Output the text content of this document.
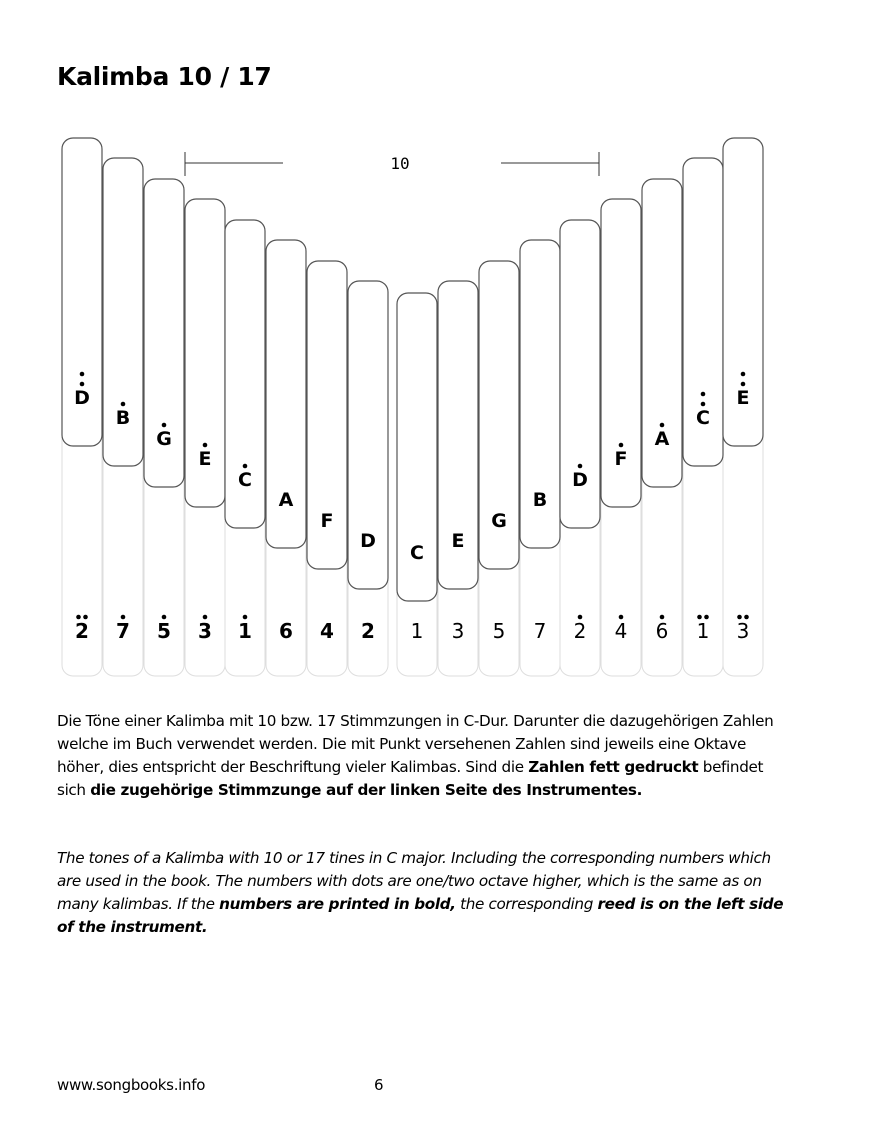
Kalimba 10 / 17
D
B
G
E
C
A
F
D
C
E
G
B
D
F
A
C
E
2 7 5 3 1 6 4 2 1 3 5 7 2 4 6 1 3
10

Die Töne einer Kalimba mit 10 bzw. 17 Stimmzungen in C-Dur. Darunter die dazugehörigen Zahlen welche im Buch verwendet werden. Die mit Punkt versehenen Zahlen sind jeweils eine Oktave höher, dies entspricht der Beschriftung vieler Kalimbas. Sind die Zahlen fett gedruckt befindet sich die zugehörige Stimmzunge auf der linken Seite des Instrumentes.

The tones of a Kalimba with 10 or 17 tines in C major. Including the corresponding numbers which are used in the book. The numbers with dots are one/two octave higher, which is the same as on many kalimbas. If the numbers are printed in bold, the corresponding reed is on the left side of the instrument.

www.songbooks.info	6
